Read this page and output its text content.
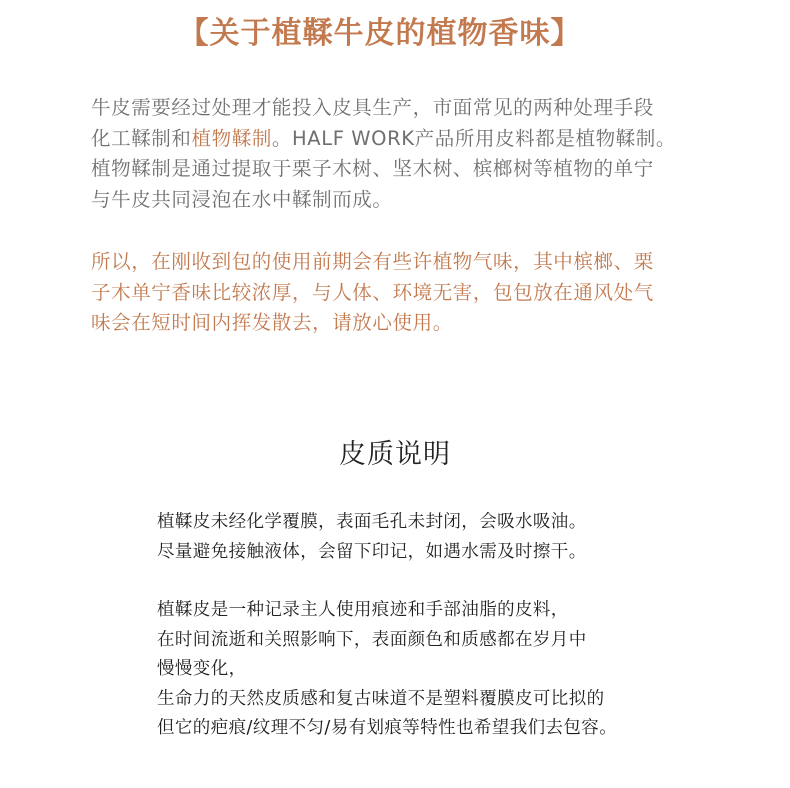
【关于植鞣牛皮的植物香味】

牛皮需要经过处理才能投入皮具生产，市面常见的两种处理手段
化工鞣制和植物鞣制。HALF WORK产品所用皮料都是植物鞣制。
植物鞣制是通过提取于栗子木树、坚木树、槟榔树等植物的单宁
与牛皮共同浸泡在水中鞣制而成。

所以，在刚收到包的使用前期会有些许植物气味，其中槟榔、栗
子木单宁香味比较浓厚，与人体、环境无害，包包放在通风处气
味会在短时间内挥发散去，请放心使用。

皮质说明

植鞣皮未经化学覆膜，表面毛孔未封闭，会吸水吸油。
尽量避免接触液体，会留下印记，如遇水需及时擦干。

植鞣皮是一种记录主人使用痕迹和手部油脂的皮料，
在时间流逝和关照影响下，表面颜色和质感都在岁月中
慢慢变化，
生命力的天然皮质感和复古味道不是塑料覆膜皮可比拟的
但它的疤痕/纹理不匀/易有划痕等特性也希望我们去包容。
